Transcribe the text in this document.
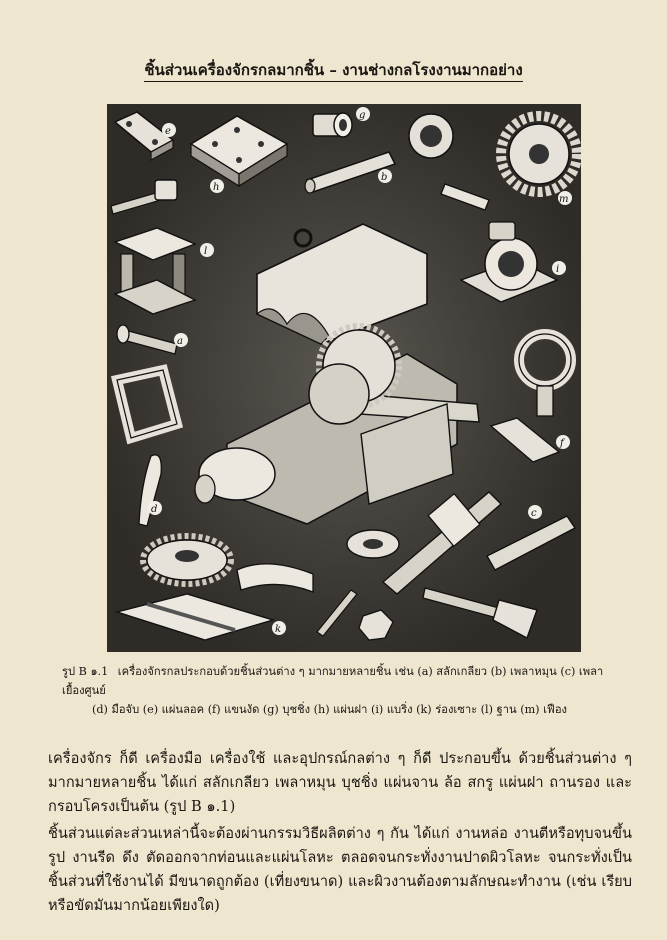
ชิ้นส่วนเครื่องจักรกลมากชิ้น – งานช่างกลโรงงานมากอย่าง
e
g
h
b
m
l
i
a
f
d	c
k
รูป B ๑.1 เครื่องจักรกลประกอบด้วยชิ้นส่วนต่าง ๆ มากมายหลายชิ้น เช่น (a) สลักเกลียว (b) เพลาหมุน (c) เพลาเยื้องศูนย์
(d) มือจับ (e) แผ่นลอค (f) แขนงัด (g) บุชชิ่ง (h) แผ่นฝา (i) แบริ่ง (k) ร่องเซาะ (l) ฐาน (m) เฟือง

เครื่องจักร ก็ดี เครื่องมือ เครื่องใช้ และอุปกรณ์กลต่าง ๆ ก็ดี ประกอบขึ้น ด้วยชิ้นส่วนต่าง ๆ มากมายหลายชิ้น ได้แก่ สลักเกลียว เพลาหมุน บุชชิ่ง แผ่นจาน ล้อ สกรู แผ่นฝา ถานรอง และกรอบโครงเป็นต้น (รูป B ๑.1)

ชิ้นส่วนแต่ละส่วนเหล่านี้จะต้องผ่านกรรมวิธีผลิตต่าง ๆ กัน ได้แก่ งานหล่อ งานตีหรือทุบจนขึ้นรูป งานรีด ดึง ตัดออกจากท่อนและแผ่นโลหะ ตลอดจนกระทั่งงานปาดผิวโลหะ จนกระทั่งเป็นชิ้นส่วนที่ใช้งานได้ มีขนาดถูกต้อง (เที่ยงขนาด) และผิวงานต้องตามลักษณะทำงาน (เช่น เรียบหรือขัดมันมากน้อยเพียงใด)
